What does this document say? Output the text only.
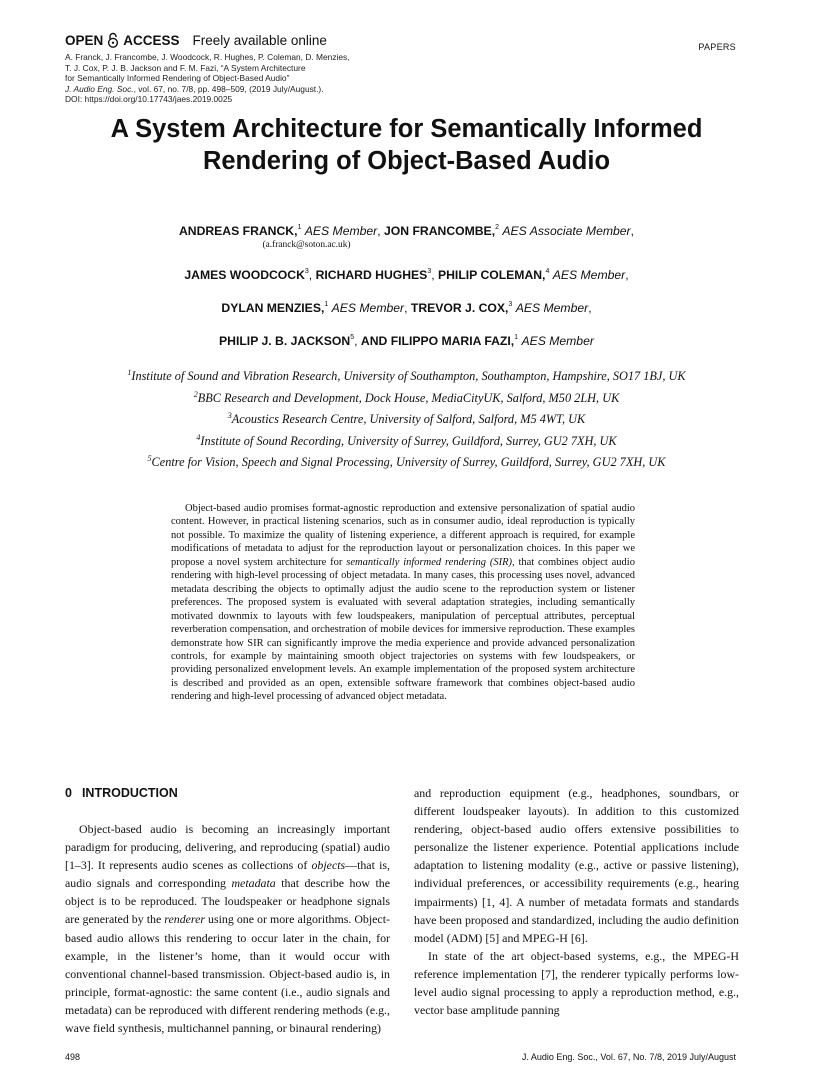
OPEN ACCESS Freely available online
A. Franck, J. Francombe, J. Woodcock, R. Hughes, P. Coleman, D. Menzies,
T. J. Cox, P. J. B. Jackson and F. M. Fazi, “A System Architecture
for Semantically Informed Rendering of Object-Based Audio”
J. Audio Eng. Soc., vol. 67, no. 7/8, pp. 498–509, (2019 July/August.).
DOI: https://doi.org/10.17743/jaes.2019.0025
PAPERS
A System Architecture for Semantically Informed
Rendering of Object-Based Audio
ANDREAS FRANCK,$^1$ AES Member, JON FRANCOMBE,$^2$ AES Associate Member,
(a.franck@soton.ac.uk)
JAMES WOODCOCK$^3$, RICHARD HUGHES$^3$, PHILIP COLEMAN,$^4$ AES Member,
DYLAN MENZIES,$^1$ AES Member, TREVOR J. COX,$^3$ AES Member,
PHILIP J. B. JACKSON$^5$, AND FILIPPO MARIA FAZI,$^1$ AES Member
$^1$Institute of Sound and Vibration Research, University of Southampton, Southampton, Hampshire, SO17 1BJ, UK
$^2$BBC Research and Development, Dock House, MediaCityUK, Salford, M50 2LH, UK
$^3$Acoustics Research Centre, University of Salford, Salford, M5 4WT, UK
$^4$Institute of Sound Recording, University of Surrey, Guildford, Surrey, GU2 7XH, UK
$^5$Centre for Vision, Speech and Signal Processing, University of Surrey, Guildford, Surrey, GU2 7XH, UK

Object-based audio promises format-agnostic reproduction and extensive personalization of spatial audio content. However, in practical listening scenarios, such as in consumer audio, ideal reproduction is typically not possible. To maximize the quality of listening experience, a different approach is required, for example modifications of metadata to adjust for the reproduction layout or personalization choices. In this paper we propose a novel system architecture for semantically informed rendering (SIR), that combines object audio rendering with high-level processing of object metadata. In many cases, this processing uses novel, advanced metadata describing the objects to optimally adjust the audio scene to the reproduction system or listener preferences. The proposed system is evaluated with several adaptation strategies, including semantically motivated downmix to layouts with few loudspeakers, manipulation of perceptual attributes, perceptual reverberation compensation, and orchestration of mobile devices for immersive reproduction. These examples demonstrate how SIR can significantly improve the media experience and provide advanced personalization controls, for example by maintaining smooth object trajectories on systems with few loudspeakers, or providing personalized envelopment levels. An example implementation of the proposed system architecture is described and provided as an open, extensible software framework that combines object-based audio rendering and high-level processing of advanced object metadata.

0 INTRODUCTION

Object-based audio is becoming an increasingly important paradigm for producing, delivering, and reproducing (spatial) audio [1–3]. It represents audio scenes as collections of objects—that is, audio signals and corresponding metadata that describe how the object is to be reproduced. The loudspeaker or headphone signals are generated by the renderer using one or more algorithms. Object-based audio allows this rendering to occur later in the chain, for example, in the listener’s home, than it would occur with conventional channel-based transmission. Object-based audio is, in principle, format-agnostic: the same content (i.e., audio signals and metadata) can be reproduced with different rendering methods (e.g., wave field synthesis, multichannel panning, or binaural rendering)

and reproduction equipment (e.g., headphones, soundbars, or different loudspeaker layouts). In addition to this customized rendering, object-based audio offers extensive possibilities to personalize the listener experience. Potential applications include adaptation to listening modality (e.g., active or passive listening), individual preferences, or accessibility requirements (e.g., hearing impairments) [1, 4]. A number of metadata formats and standards have been proposed and standardized, including the audio definition model (ADM) [5] and MPEG-H [6].

In state of the art object-based systems, e.g., the MPEG-H reference implementation [7], the renderer typically performs low-level audio signal processing to apply a reproduction method, e.g., vector base amplitude panning

498	J. Audio Eng. Soc., Vol. 67, No. 7/8, 2019 July/August
